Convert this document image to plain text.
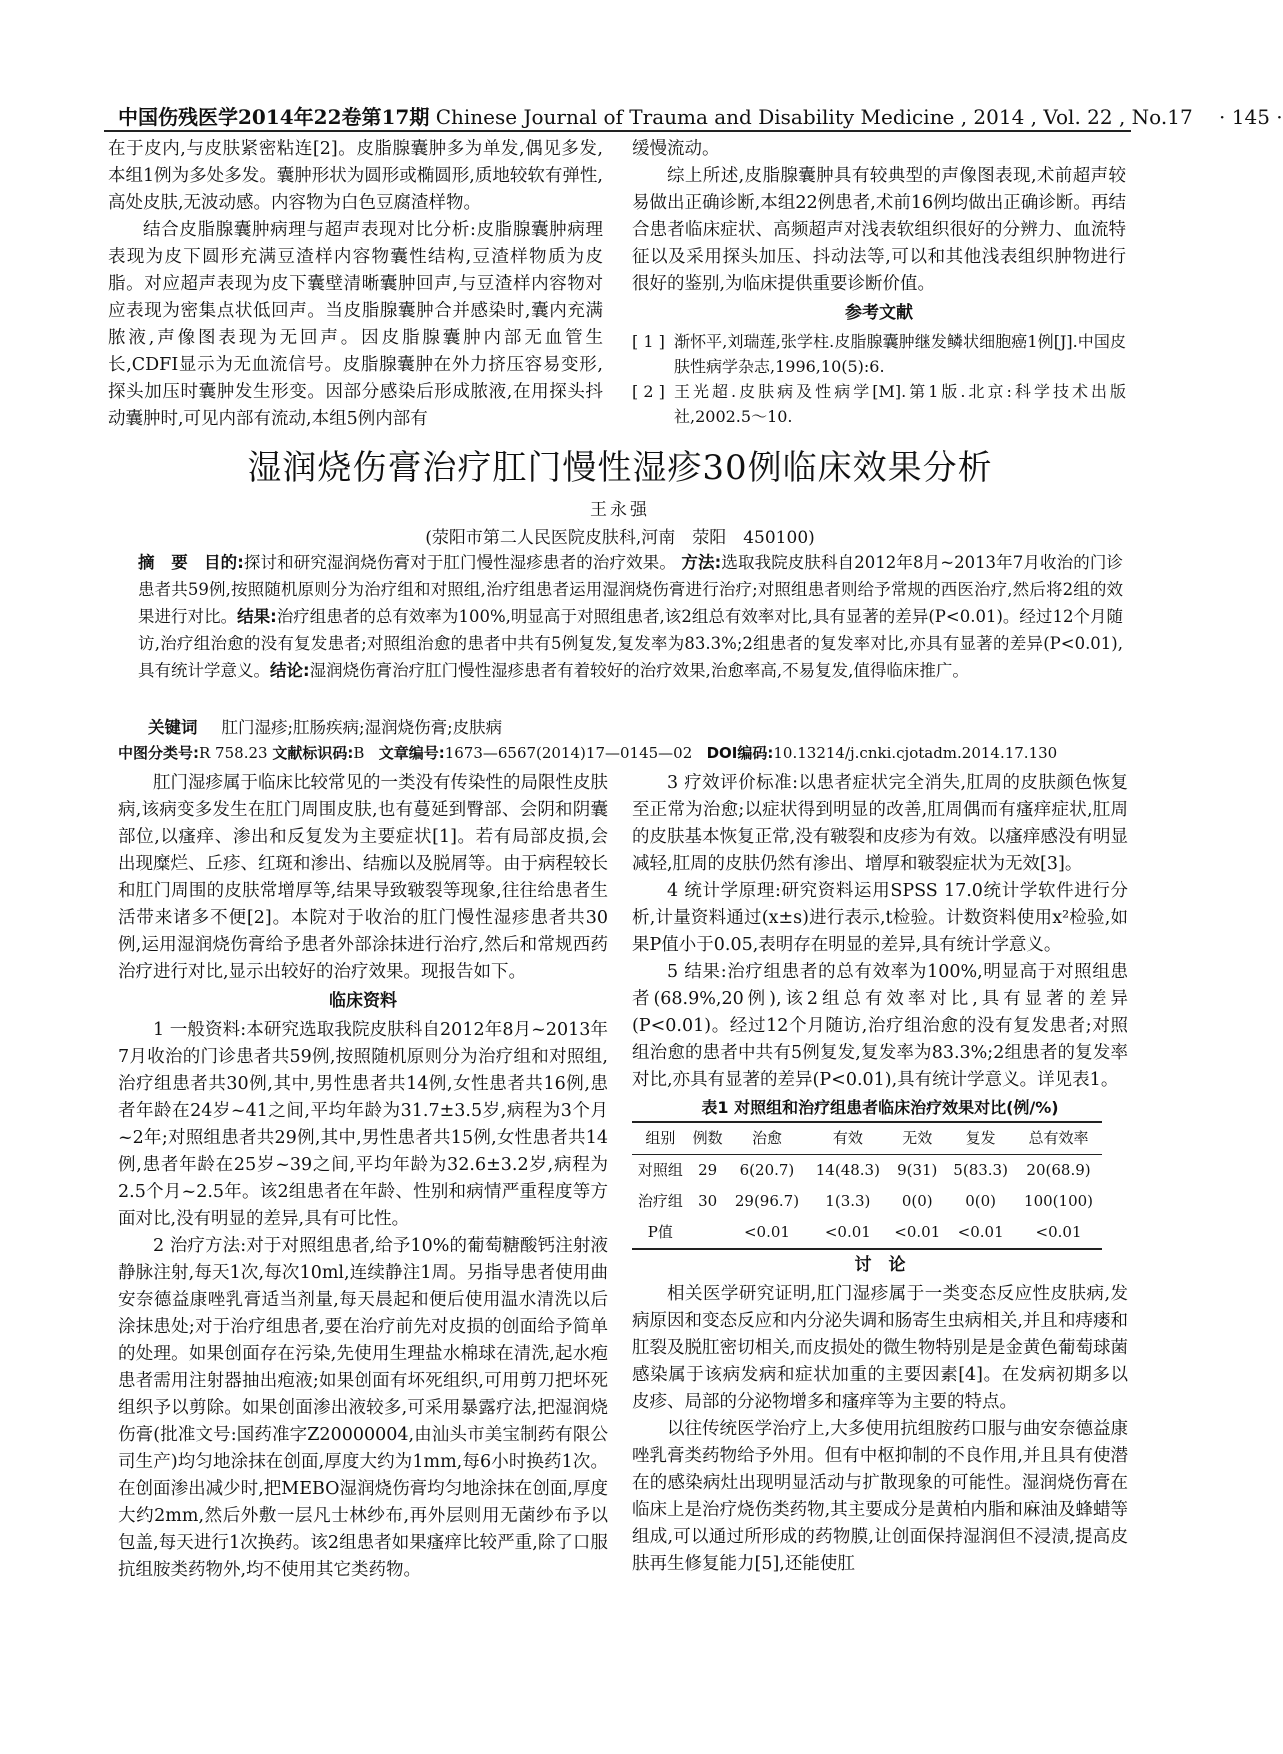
中国伤残医学2014年22卷第17期 Chinese Journal of Trauma and Disability Medicine , 2014 , Vol. 22 , No.17 · 145 ·

在于皮内,与皮肤紧密粘连[2]。皮脂腺囊肿多为单发,偶见多发,本组1例为多处多发。囊肿形状为圆形或椭圆形,质地较软有弹性,高处皮肤,无波动感。内容物为白色豆腐渣样物。

结合皮脂腺囊肿病理与超声表现对比分析:皮脂腺囊肿病理表现为皮下圆形充满豆渣样内容物囊性结构,豆渣样物质为皮脂。对应超声表现为皮下囊壁清晰囊肿回声,与豆渣样内容物对应表现为密集点状低回声。当皮脂腺囊肿合并感染时,囊内充满脓液,声像图表现为无回声。因皮脂腺囊肿内部无血管生长,CDFI显示为无血流信号。皮脂腺囊肿在外力挤压容易变形,探头加压时囊肿发生形变。因部分感染后形成脓液,在用探头抖动囊肿时,可见内部有流动,本组5例内部有

缓慢流动。

综上所述,皮脂腺囊肿具有较典型的声像图表现,术前超声较易做出正确诊断,本组22例患者,术前16例均做出正确诊断。再结合患者临床症状、高频超声对浅表软组织很好的分辨力、血流特征以及采用探头加压、抖动法等,可以和其他浅表组织肿物进行很好的鉴别,为临床提供重要诊断价值。

参考文献
[ 1 ] 渐怀平,刘瑞莲,张学柱.皮脂腺囊肿继发鳞状细胞癌1例[J].中国皮肤性病学杂志,1996,10(5):6.
[ 2 ] 王光超.皮肤病及性病学[M].第1版.北京:科学技术出版社,2002.5～10.
湿润烧伤膏治疗肛门慢性湿疹30例临床效果分析
王永强
(荥阳市第二人民医院皮肤科,河南　荥阳　450100)
摘　要 目的:探讨和研究湿润烧伤膏对于肛门慢性湿疹患者的治疗效果。 方法:选取我院皮肤科自2012年8月~2013年7月收治的门诊患者共59例,按照随机原则分为治疗组和对照组,治疗组患者运用湿润烧伤膏进行治疗;对照组患者则给予常规的西医治疗,然后将2组的效果进行对比。结果:治疗组患者的总有效率为100%,明显高于对照组患者,该2组总有效率对比,具有显著的差异(P<0.01)。经过12个月随访,治疗组治愈的没有复发患者;对照组治愈的患者中共有5例复发,复发率为83.3%;2组患者的复发率对比,亦具有显著的差异(P<0.01),具有统计学意义。结论:湿润烧伤膏治疗肛门慢性湿疹患者有着较好的治疗效果,治愈率高,不易复发,值得临床推广。
关键词 肛门湿疹;肛肠疾病;湿润烧伤膏;皮肤病
中图分类号:R 758.23 文献标识码:B 文章编号:1673—6567(2014)17—0145—02 DOI编码:10.13214/j.cnki.cjotadm.2014.17.130

肛门湿疹属于临床比较常见的一类没有传染性的局限性皮肤病,该病变多发生在肛门周围皮肤,也有蔓延到臀部、会阴和阴囊部位,以瘙痒、渗出和反复发为主要症状[1]。若有局部皮损,会出现糜烂、丘疹、红斑和渗出、结痂以及脱屑等。由于病程较长和肛门周围的皮肤常增厚等,结果导致皲裂等现象,往往给患者生活带来诸多不便[2]。本院对于收治的肛门慢性湿疹患者共30例,运用湿润烧伤膏给予患者外部涂抹进行治疗,然后和常规西药治疗进行对比,显示出较好的治疗效果。现报告如下。

临床资料

1 一般资料:本研究选取我院皮肤科自2012年8月~2013年7月收治的门诊患者共59例,按照随机原则分为治疗组和对照组,治疗组患者共30例,其中,男性患者共14例,女性患者共16例,患者年龄在24岁~41之间,平均年龄为31.7±3.5岁,病程为3个月~2年;对照组患者共29例,其中,男性患者共15例,女性患者共14例,患者年龄在25岁~39之间,平均年龄为32.6±3.2岁,病程为2.5个月~2.5年。该2组患者在年龄、性别和病情严重程度等方面对比,没有明显的差异,具有可比性。

2 治疗方法:对于对照组患者,给予10%的葡萄糖酸钙注射液静脉注射,每天1次,每次10ml,连续静注1周。另指导患者使用曲安奈德益康唑乳膏适当剂量,每天晨起和便后使用温水清洗以后涂抹患处;对于治疗组患者,要在治疗前先对皮损的创面给予简单的处理。如果创面存在污染,先使用生理盐水棉球在清洗,起水疱患者需用注射器抽出疱液;如果创面有坏死组织,可用剪刀把坏死组织予以剪除。如果创面渗出液较多,可采用暴露疗法,把湿润烧伤膏(批准文号:国药准字Z20000004,由汕头市美宝制药有限公司生产)均匀地涂抹在创面,厚度大约为1mm,每6小时换药1次。在创面渗出减少时,把MEBO湿润烧伤膏均匀地涂抹在创面,厚度大约2mm,然后外敷一层凡士林纱布,再外层则用无菌纱布予以包盖,每天进行1次换药。该2组患者如果瘙痒比较严重,除了口服抗组胺类药物外,均不使用其它类药物。

3 疗效评价标准:以患者症状完全消失,肛周的皮肤颜色恢复至正常为治愈;以症状得到明显的改善,肛周偶而有瘙痒症状,肛周的皮肤基本恢复正常,没有皲裂和皮疹为有效。以瘙痒感没有明显减轻,肛周的皮肤仍然有渗出、增厚和皲裂症状为无效[3]。

4 统计学原理:研究资料运用SPSS 17.0统计学软件进行分析,计量资料通过(x±s)进行表示,t检验。计数资料使用x²检验,如果P值小于0.05,表明存在明显的差异,具有统计学意义。

5 结果:治疗组患者的总有效率为100%,明显高于对照组患者(68.9%,20例),该2组总有效率对比,具有显著的差异(P<0.01)。经过12个月随访,治疗组治愈的没有复发患者;对照组治愈的患者中共有5例复发,复发率为83.3%;2组患者的复发率对比,亦具有显著的差异(P<0.01),具有统计学意义。详见表1。

表1 对照组和治疗组患者临床治疗效果对比(例/%)
组别	例数	治愈	有效	无效	复发	总有效率
对照组	29	6(20.7)	14(48.3)	9(31)	5(83.3)	20(68.9)
治疗组	30	29(96.7)	1(3.3)	0(0)	0(0)	100(100)
P值		<0.01	<0.01	<0.01	<0.01	<0.01
讨　论

相关医学研究证明,肛门湿疹属于一类变态反应性皮肤病,发病原因和变态反应和内分泌失调和肠寄生虫病相关,并且和痔瘘和肛裂及脱肛密切相关,而皮损处的微生物特别是是金黄色葡萄球菌感染属于该病发病和症状加重的主要因素[4]。在发病初期多以皮疹、局部的分泌物增多和瘙痒等为主要的特点。

以往传统医学治疗上,大多使用抗组胺药口服与曲安奈德益康唑乳膏类药物给予外用。但有中枢抑制的不良作用,并且具有使潜在的感染病灶出现明显活动与扩散现象的可能性。湿润烧伤膏在临床上是治疗烧伤类药物,其主要成分是黄柏内脂和麻油及蜂蜡等组成,可以通过所形成的药物膜,让创面保持湿润但不浸渍,提高皮肤再生修复能力[5],还能使肛
